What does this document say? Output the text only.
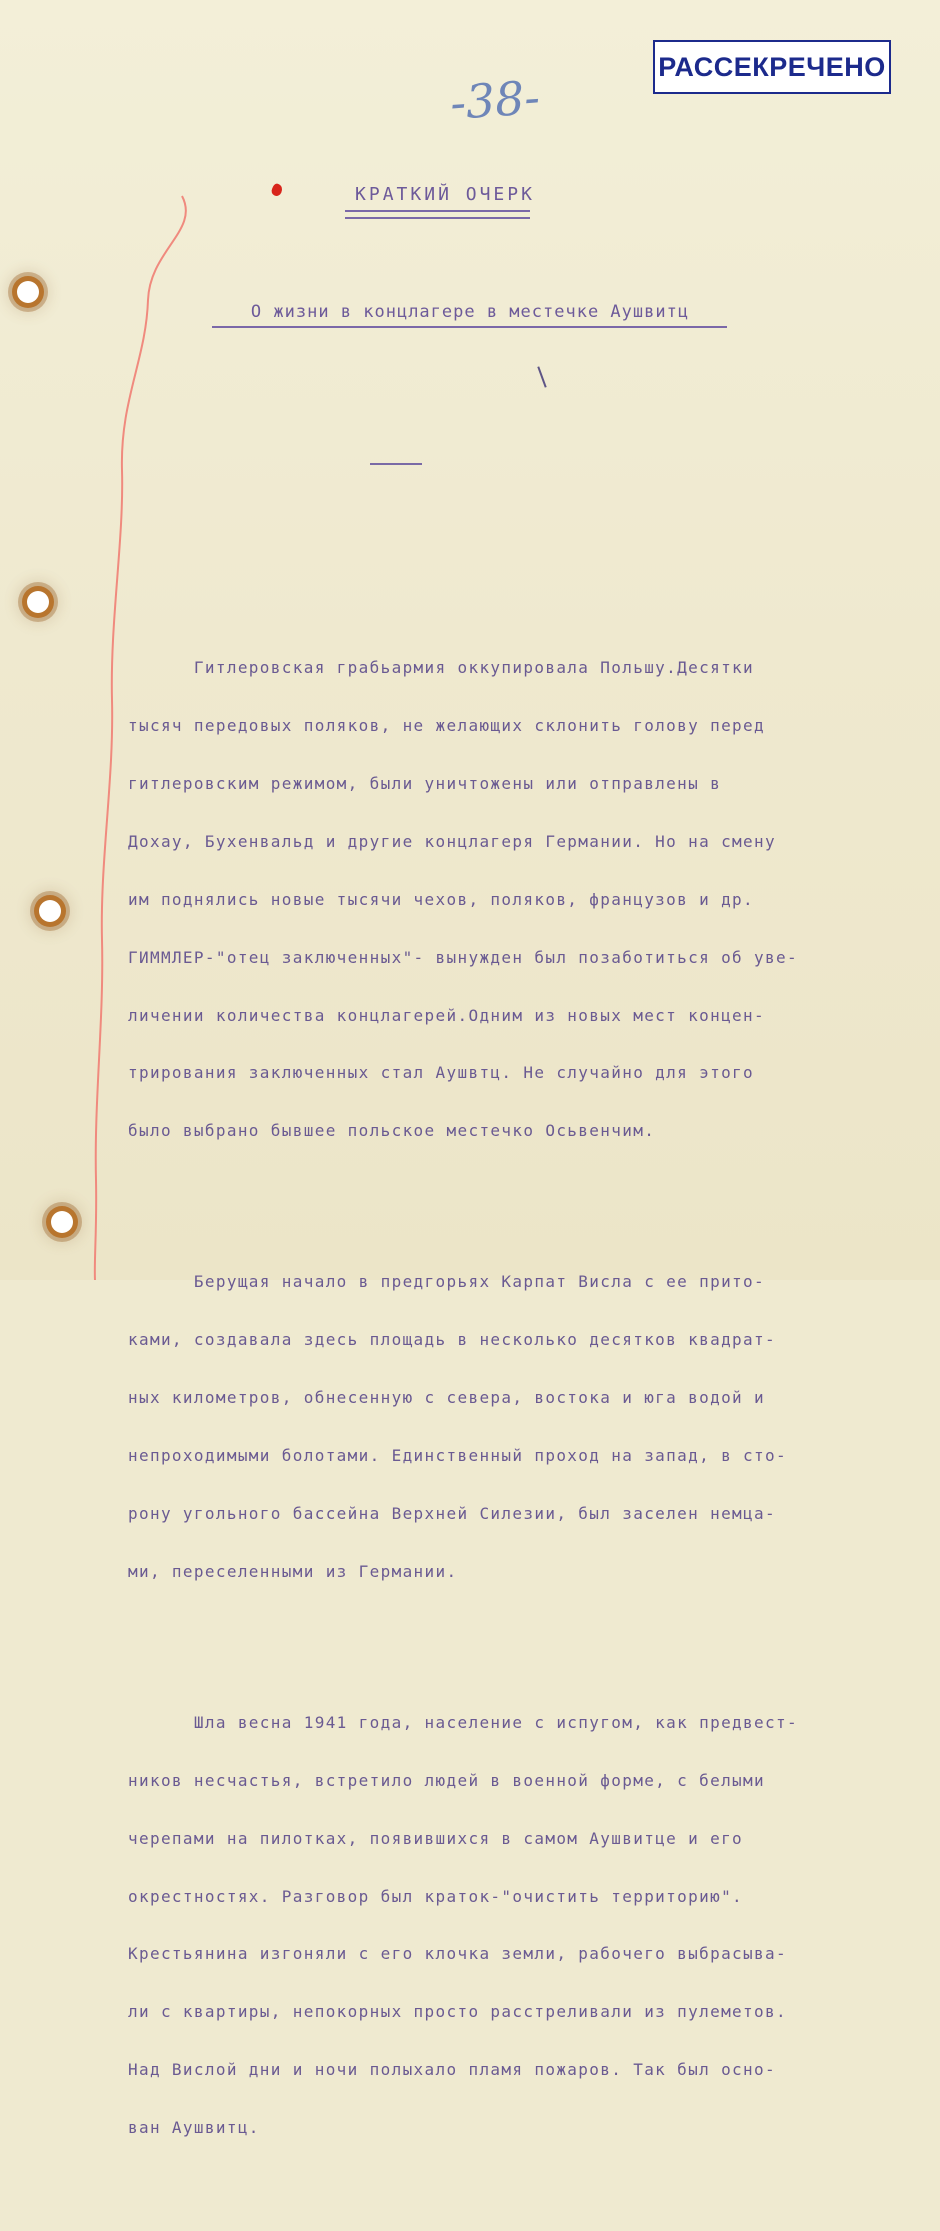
РАССЕКРЕЧЕНО
-38-
КРАТКИЙ ОЧЕРК
О жизни в концлагере в местечке Аушвитц

Гитлеровская грабьармия оккупировала Польшу.Десятки

тысяч передовых поляков, не желающих склонить голову перед

гитлеровским режимом, были уничтожены или отправлены в

Дохау, Бухенвальд и другие концлагеря Германии. Но на смену

им поднялись новые тысячи чехов, поляков, французов и др.

ГИММЛЕР-"отец заключенных"- вынужден был позаботиться об уве-

личении количества концлагерей.Одним из новых мест концен-

трирования заключенных стал Аушвтц. Не случайно для этого

было выбрано бывшее польское местечко Осьвенчим.

Берущая начало в предгорьях Карпат Висла с ее прито-

ками, создавала здесь площадь в несколько десятков квадрат-

ных километров, обнесенную с севера, востока и юга водой и

непроходимыми болотами. Единственный проход на запад, в сто-

рону угольного бассейна Верхней Силезии, был заселен немца-

ми, переселенными из Германии.

Шла весна 1941 года, население с испугом, как предвест-

ников несчастья, встретило людей в военной форме, с белыми

черепами на пилотках, появившихся в самом Аушвитце и его

окрестностях. Разговор был краток-"очистить территорию".

Крестьянина изгоняли с его клочка земли, рабочего выбрасыва-

ли с квартиры, непокорных просто расстреливали из пулеметов.

Над Вислой дни и ночи полыхало пламя пожаров. Так был осно-

ван Аушвитц.
